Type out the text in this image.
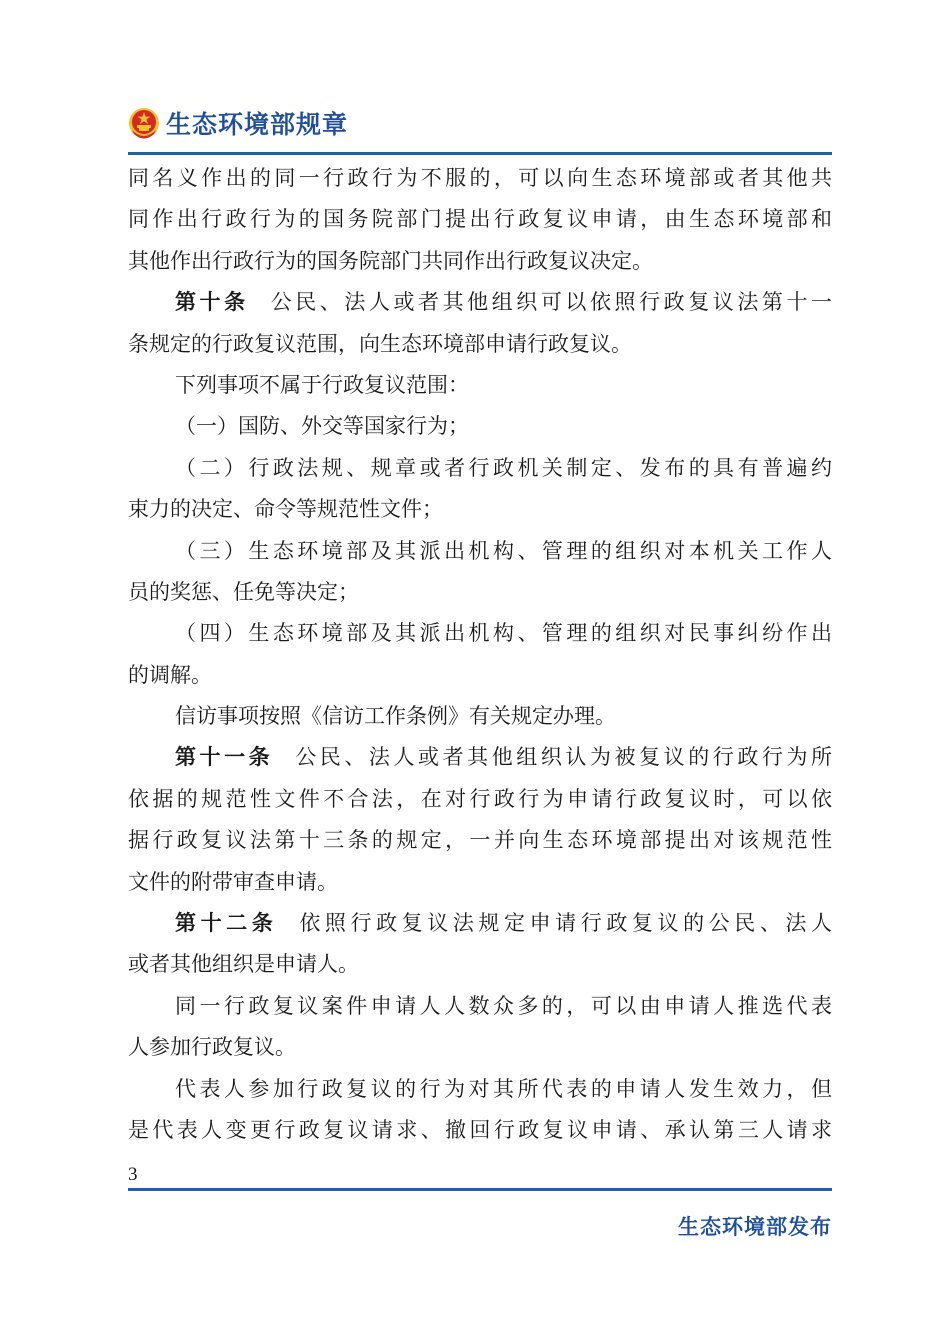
生态环境部规章
同名义作出的同一行政行为不服的，可以向生态环境部或者其他共
同作出行政行为的国务院部门提出行政复议申请，由生态环境部和
其他作出行政行为的国务院部门共同作出行政复议决定。
第十条 公民、法人或者其他组织可以依照行政复议法第十一
条规定的行政复议范围，向生态环境部申请行政复议。
下列事项不属于行政复议范围：
（一）国防、外交等国家行为；
（二）行政法规、规章或者行政机关制定、发布的具有普遍约
束力的决定、命令等规范性文件；
（三）生态环境部及其派出机构、管理的组织对本机关工作人
员的奖惩、任免等决定；
（四）生态环境部及其派出机构、管理的组织对民事纠纷作出
的调解。
信访事项按照《信访工作条例》有关规定办理。
第十一条 公民、法人或者其他组织认为被复议的行政行为所
依据的规范性文件不合法，在对行政行为申请行政复议时，可以依
据行政复议法第十三条的规定，一并向生态环境部提出对该规范性
文件的附带审查申请。
第十二条 依照行政复议法规定申请行政复议的公民、法人
或者其他组织是申请人。
同一行政复议案件申请人人数众多的，可以由申请人推选代表
人参加行政复议。
代表人参加行政复议的行为对其所代表的申请人发生效力，但
是代表人变更行政复议请求、撤回行政复议申请、承认第三人请求
3
生态环境部发布
